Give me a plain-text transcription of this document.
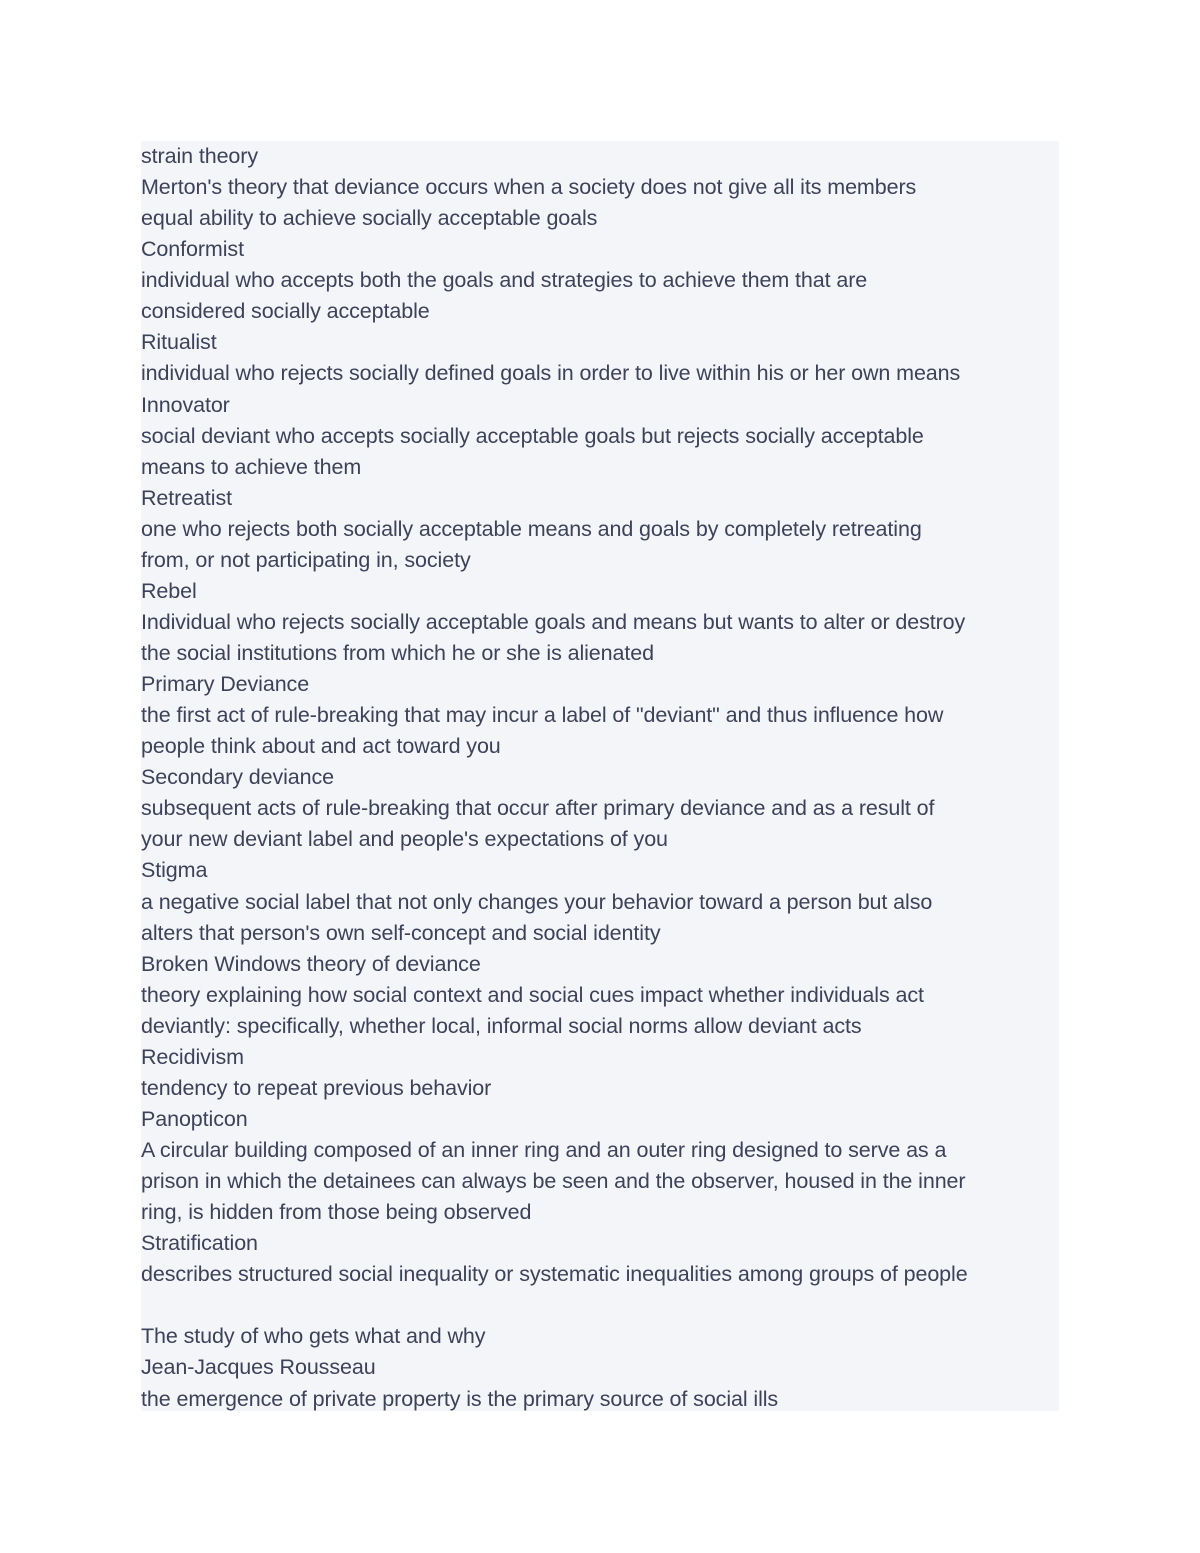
strain theory
Merton's theory that deviance occurs when a society does not give all its members
equal ability to achieve socially acceptable goals
Conformist
individual who accepts both the goals and strategies to achieve them that are
considered socially acceptable
Ritualist
individual who rejects socially defined goals in order to live within his or her own means
Innovator
social deviant who accepts socially acceptable goals but rejects socially acceptable
means to achieve them
Retreatist
one who rejects both socially acceptable means and goals by completely retreating
from, or not participating in, society
Rebel
Individual who rejects socially acceptable goals and means but wants to alter or destroy
the social institutions from which he or she is alienated
Primary Deviance
the first act of rule-breaking that may incur a label of "deviant" and thus influence how
people think about and act toward you
Secondary deviance
subsequent acts of rule-breaking that occur after primary deviance and as a result of
your new deviant label and people's expectations of you
Stigma
a negative social label that not only changes your behavior toward a person but also
alters that person's own self-concept and social identity
Broken Windows theory of deviance
theory explaining how social context and social cues impact whether individuals act
deviantly: specifically, whether local, informal social norms allow deviant acts
Recidivism
tendency to repeat previous behavior
Panopticon
A circular building composed of an inner ring and an outer ring designed to serve as a
prison in which the detainees can always be seen and the observer, housed in the inner
ring, is hidden from those being observed
Stratification
describes structured social inequality or systematic inequalities among groups of people
The study of who gets what and why
Jean-Jacques Rousseau
the emergence of private property is the primary source of social ills
